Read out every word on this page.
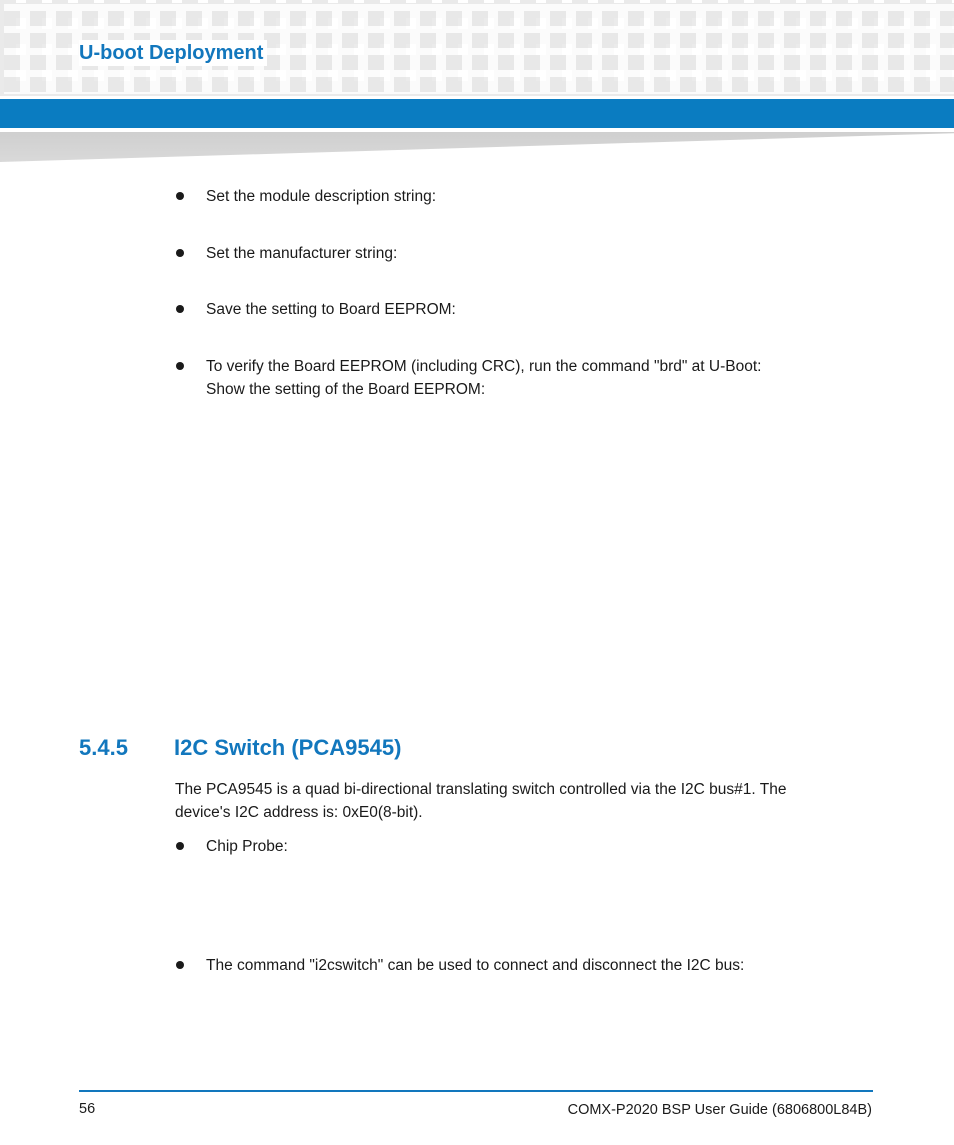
U-boot Deployment
Set the module description string:
Set the manufacturer string:
Save the setting to Board EEPROM:
To verify the Board EEPROM (including CRC), run the command "brd" at U-Boot:
Show the setting of the Board EEPROM:
5.4.5 I2C Switch (PCA9545)
The PCA9545 is a quad bi-directional translating switch controlled via the I2C bus#1. The
device's I2C address is: 0xE0(8-bit).
Chip Probe:
The command "i2cswitch" can be used to connect and disconnect the I2C bus:
56	COMX-P2020 BSP User Guide (6806800L84B)
